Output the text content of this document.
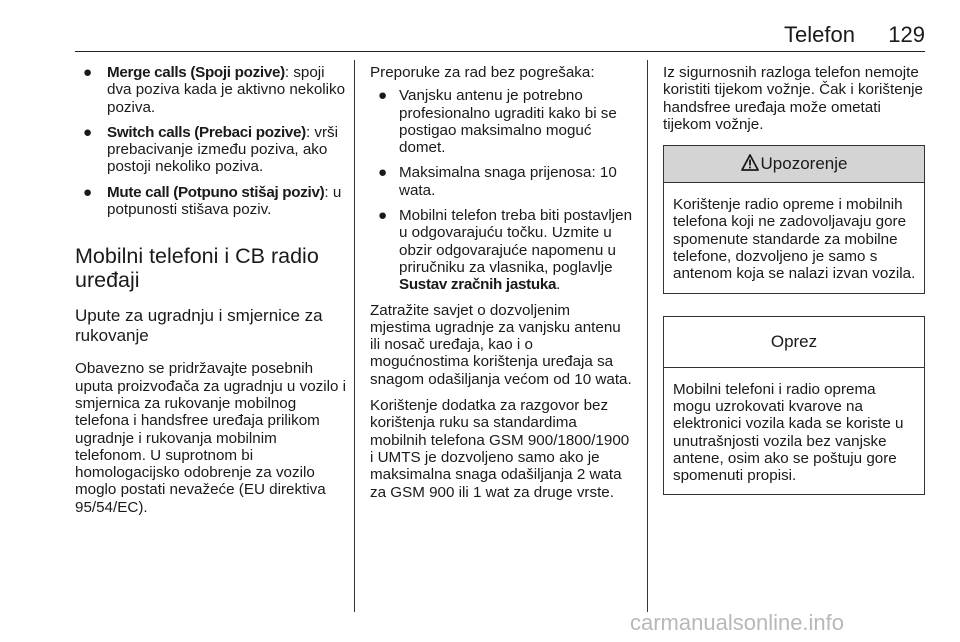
Telefon 129
● Merge calls (Spoji pozive): spoji dva poziva kada je aktivno nekoliko poziva.
● Switch calls (Prebaci pozive): vrši prebacivanje između poziva, ako postoji nekoliko poziva.
● Mute call (Potpuno stišaj poziv): u potpunosti stišava poziv.
Mobilni telefoni i CB radio uređaji
Upute za ugradnju i smjernice za rukovanje

Obavezno se pridržavajte posebnih uputa proizvođača za ugradnju u vozilo i smjernica za rukovanje mobilnog telefona i handsfree uređaja prilikom ugradnje i rukovanja mobilnim telefonom. U suprotnom bi homologacijsko odobrenje za vozilo moglo postati nevažeće (EU direktiva 95/54/EC).

Preporuke za rad bez pogrešaka:

● Vanjsku antenu je potrebno profesionalno ugraditi kako bi se postigao maksimalno moguć domet.
● Maksimalna snaga prijenosa: 10 wata.
● Mobilni telefon treba biti postavljen u odgovarajuću točku. Uzmite u obzir odgovarajuće napomenu u priručniku za vlasnika, poglavlje Sustav zračnih jastuka.

Zatražite savjet o dozvoljenim mjestima ugradnje za vanjsku antenu ili nosač uređaja, kao i o mogućnostima korištenja uređaja sa snagom odašiljanja većom od 10 wata.

Korištenje dodatka za razgovor bez korištenja ruku sa standardima mobilnih telefona GSM 900/1800/1900 i UMTS je dozvoljeno samo ako je maksimalna snaga odašiljanja 2 wata za GSM 900 ili 1 wat za druge vrste.

Iz sigurnosnih razloga telefon nemojte koristiti tijekom vožnje. Čak i korištenje handsfree uređaja može ometati tijekom vožnje.

Upozorenje
Korištenje radio opreme i mobilnih telefona koji ne zadovoljavaju gore spomenute standarde za mobilne telefone, dozvoljeno je samo s antenom koja se nalazi izvan vozila.
Oprez
Mobilni telefoni i radio oprema mogu uzrokovati kvarove na elektronici vozila kada se koriste u unutrašnjosti vozila bez vanjske antene, osim ako se poštuju gore spomenuti propisi.
carmanualsonline.info
